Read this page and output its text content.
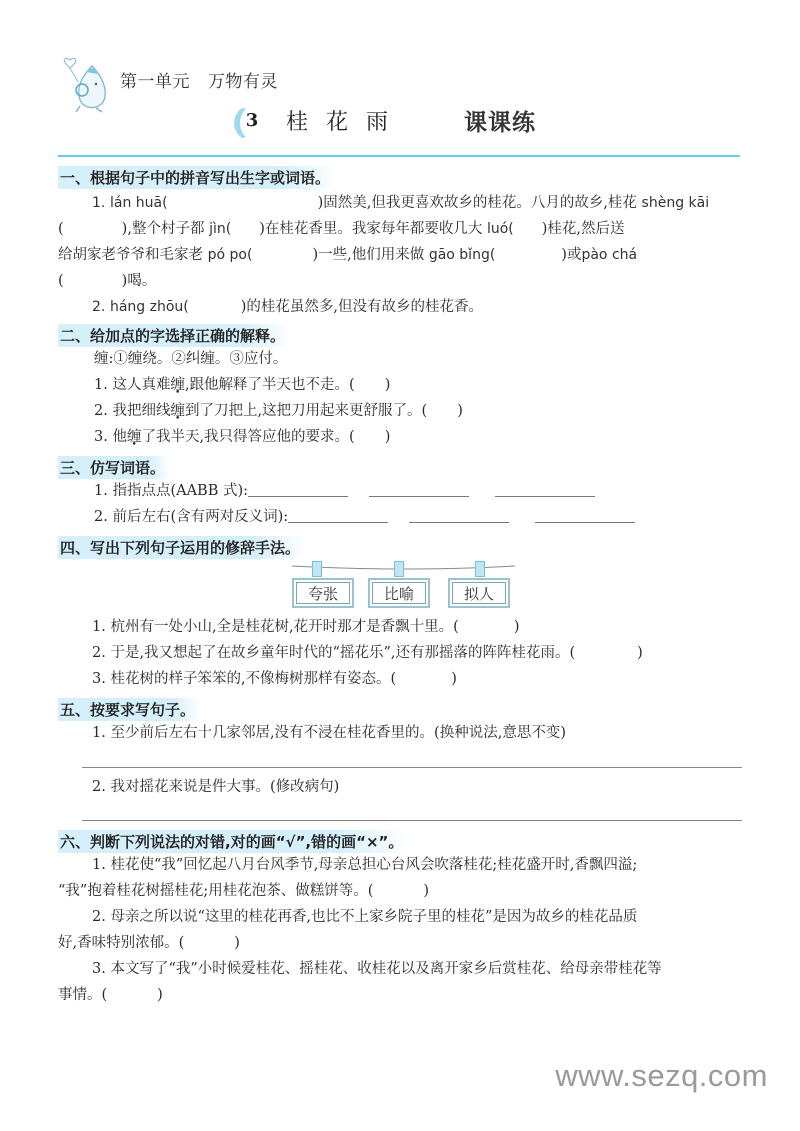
第一单元 万物有灵
3	桂花雨	课课练
一、根据句子中的拼音写出生字或词语。
1. lán huā(	)固然美,但我更喜欢故乡的桂花。八月的故乡,桂花 shèng kāi
(	),整个村子都 jìn( )在桂花香里。我家每年都要收几大 luó( )桂花,然后送
给胡家老爷爷和毛家老 pó po(	)一些,他们用来做 gāo bǐng(	)或pào chá
(	)喝。
2. háng zhōu(	)的桂花虽然多,但没有故乡的桂花香。
二、给加点的字选择正确的解释。
缠:①缠绕。②纠缠。③应付。
1. 这人真难缠,跟他解释了半天也不走。( )
2. 我把细线缠到了刀把上,这把刀用起来更舒服了。( )
3. 他缠了我半天,我只得答应他的要求。( )
三、仿写词语。
1. 指指点点(AABB 式):
2. 前后左右(含有两对反义词):
四、写出下列句子运用的修辞手法。
夸张	比喻	拟人
1. 杭州有一处小山,全是桂花树,花开时那才是香飘十里。(	)
2. 于是,我又想起了在故乡童年时代的“摇花乐”,还有那摇落的阵阵桂花雨。(	)
3. 桂花树的样子笨笨的,不像梅树那样有姿态。(	)
五、按要求写句子。
1. 至少前后左右十几家邻居,没有不浸在桂花香里的。(换种说法,意思不变)
2. 我对摇花来说是件大事。(修改病句)
六、判断下列说法的对错,对的画“√”,错的画“×”。
1. 桂花使“我”回忆起八月台风季节,母亲总担心台风会吹落桂花;桂花盛开时,香飘四溢;
“我”抱着桂花树摇桂花;用桂花泡茶、做糕饼等。(	)
2. 母亲之所以说“这里的桂花再香,也比不上家乡院子里的桂花”是因为故乡的桂花品质
好,香味特别浓郁。(	)
3. 本文写了“我”小时候爱桂花、摇桂花、收桂花以及离开家乡后赏桂花、给母亲带桂花等
事情。(	)
www.sezq.com
